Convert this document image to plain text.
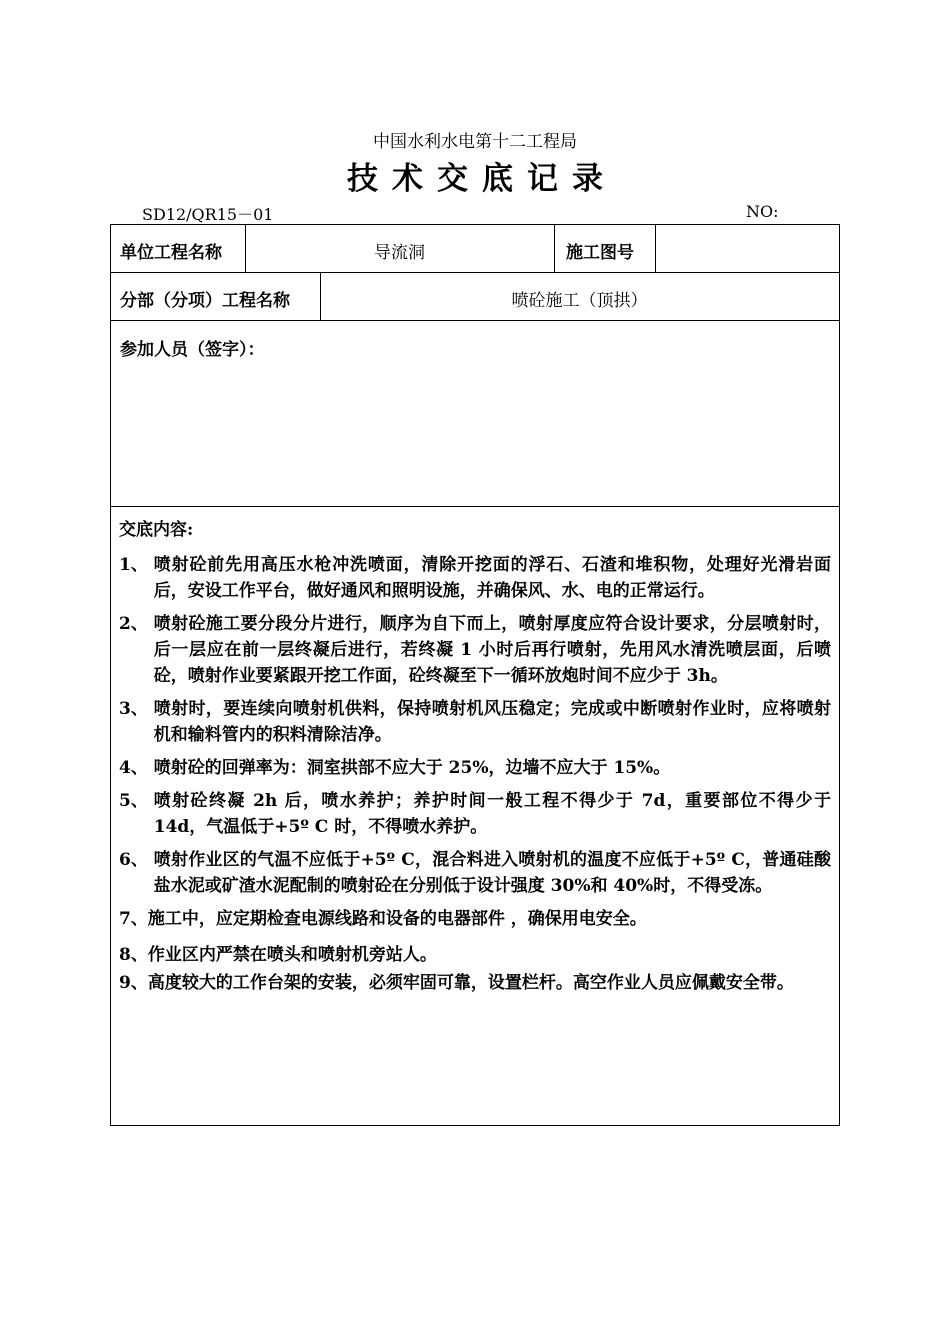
中国水利水电第十二工程局
技术交底记录
SD12/QR15－01	NO:
单位工程名称	导流洞	施工图号
分部（分项）工程名称	喷砼施工（顶拱）
参加人员（签字）：
交底内容:
1、 喷射砼前先用高压水枪冲洗喷面，清除开挖面的浮石、石渣和堆积物，处理好光滑岩面后，安设工作平台，做好通风和照明设施，并确保风、水、电的正常运行。
2、 喷射砼施工要分段分片进行，顺序为自下而上，喷射厚度应符合设计要求，分层喷射时，后一层应在前一层终凝后进行，若终凝 1 小时后再行喷射，先用风水清洗喷层面，后喷砼，喷射作业要紧跟开挖工作面，砼终凝至下一循环放炮时间不应少于 3h。
3、 喷射时，要连续向喷射机供料，保持喷射机风压稳定；完成或中断喷射作业时，应将喷射机和输料管内的积料清除洁净。
4、 喷射砼的回弹率为：洞室拱部不应大于 25%，边墙不应大于 15%。
5、 喷射砼终凝 2h 后，喷水养护；养护时间一般工程不得少于 7d，重要部位不得少于 14d，气温低于+5º C 时，不得喷水养护。
6、 喷射作业区的气温不应低于+5º C，混合料进入喷射机的温度不应低于+5º C，普通硅酸盐水泥或矿渣水泥配制的喷射砼在分别低于设计强度 30%和 40%时，不得受冻。
7、 施工中，应定期检查电源线路和设备的电器部件 ，确保用电安全。
8、 作业区内严禁在喷头和喷射机旁站人。
9、 高度较大的工作台架的安装，必须牢固可靠，设置栏杆。高空作业人员应佩戴安全带。
